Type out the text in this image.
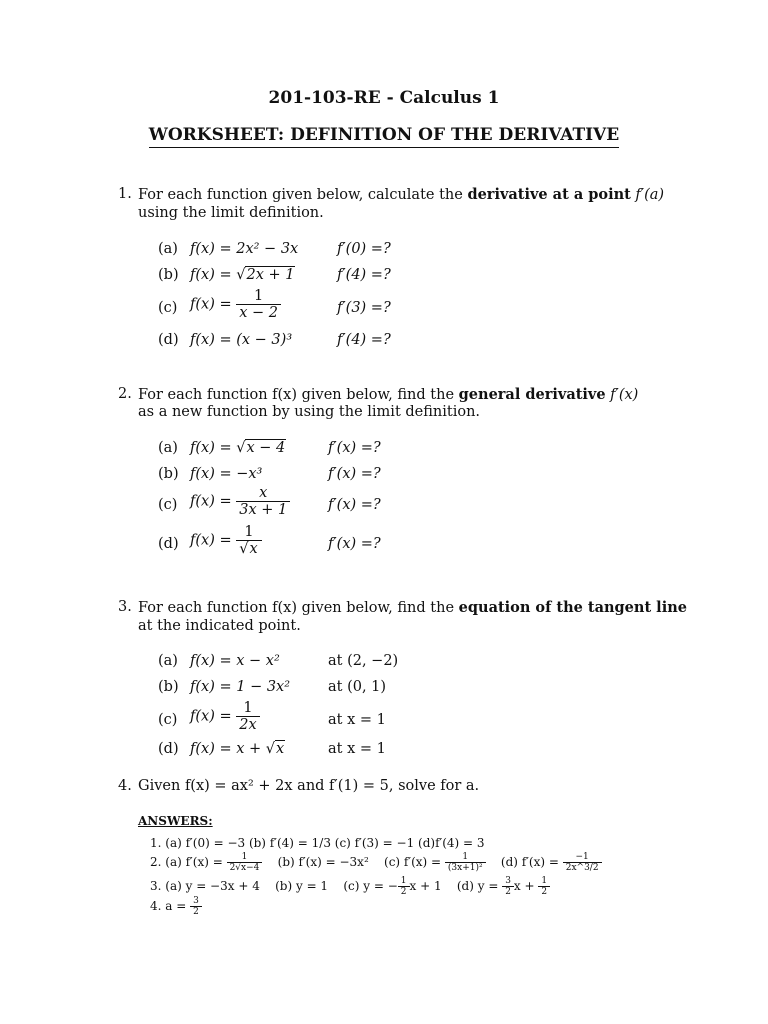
201-103-RE - Calculus 1
WORKSHEET: DEFINITION OF THE DERIVATIVE
1. For each function given below, calculate the derivative at a point f′(a)
using the limit definition.
(a) f(x) = 2x² − 3x	f′(0) =?
(b) f(x) = √2x + 1	f′(4) =?
(c) $f(x) = \frac{1}{x - 2}$	f′(3) =?
(d) f(x) = (x − 3)³	f′(4) =?
2. For each function f(x) given below, find the general derivative f′(x)
as a new function by using the limit definition.
(a) f(x) = √x − 4	f′(x) =?
(b) f(x) = −x³	f′(x) =?
(c) $f(x) = \frac{x}{3x + 1}$	f′(x) =?
(d) $f(x) = \frac{1}{√x}$	f′(x) =?
3. For each function f(x) given below, find the equation of the tangent line
at the indicated point.
(a) f(x) = x − x²	at (2, −2)
(b) f(x) = 1 − 3x²	at (0, 1)
(c) $f(x) = \frac{1}{2x}$	at x = 1
(d) f(x) = x + √x	at x = 1
4. Given f(x) = ax² + 2x and f′(1) = 5, solve for a.
ANSWERS:
1. (a) f′(0) = −3 (b) f′(4) = 1/3 (c) f′(3) = −1 (d)f′(4) = 3
2. (a) $f'(x) = \frac{1}{2√x-4} (b) f'(x) = -3x^2$ (c) $f'(x) = \frac{1}{\text{(3x+1)²}} (d) f'(x) = \frac{-1}{2x\^{}3/2}$
3. (a) y = −3x + 4 (b) y = 1 (c) y = − $\frac{1}{2}$ x + 1 (d) $y = \frac{3}{2}$ $x + \frac{1}{2}$
4. $a = \frac{3}{2}$
